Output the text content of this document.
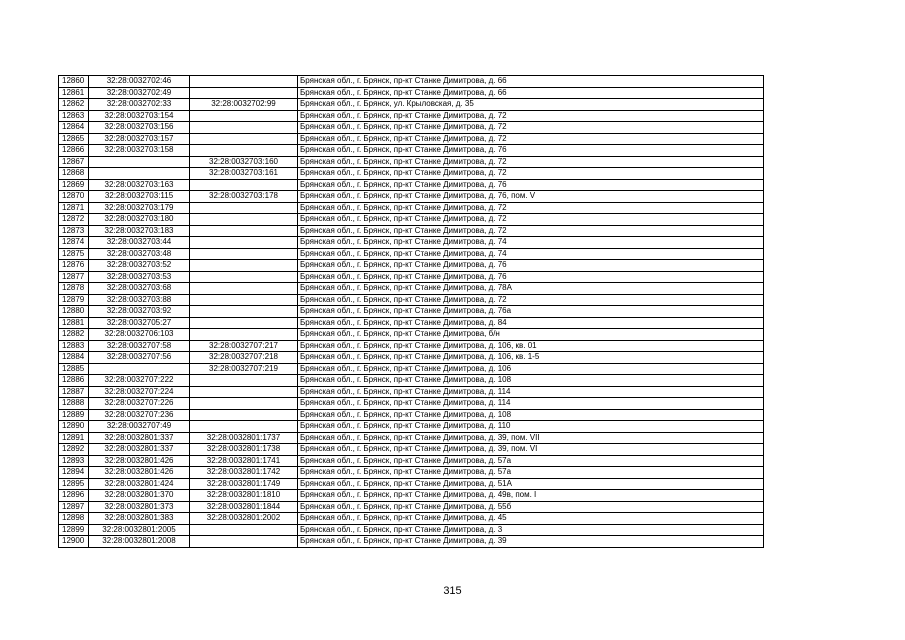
12860	32:28:0032702:46		Брянская обл., г. Брянск, пр-кт Станке Димитрова, д. 66
12861	32:28:0032702:49		Брянская обл., г. Брянск, пр-кт Станке Димитрова, д. 66
12862	32:28:0032702:33	32:28:0032702:99	Брянская обл., г. Брянск, ул. Крыловская, д. 35
12863	32:28:0032703:154		Брянская обл., г. Брянск, пр-кт Станке Димитрова, д. 72
12864	32:28:0032703:156		Брянская обл., г. Брянск, пр-кт Станке Димитрова, д. 72
12865	32:28:0032703:157		Брянская обл., г. Брянск, пр-кт Станке Димитрова, д. 72
12866	32:28:0032703:158		Брянская обл., г. Брянск, пр-кт Станке Димитрова, д. 76
12867		32:28:0032703:160	Брянская обл., г. Брянск, пр-кт Станке Димитрова, д. 72
12868		32:28:0032703:161	Брянская обл., г. Брянск, пр-кт Станке Димитрова, д. 72
12869	32:28:0032703:163		Брянская обл., г. Брянск, пр-кт Станке Димитрова, д. 76
12870	32:28:0032703:115	32:28:0032703:178	Брянская обл., г. Брянск, пр-кт Станке Димитрова, д. 76, пом. V
12871	32:28:0032703:179		Брянская обл., г. Брянск, пр-кт Станке Димитрова, д. 72
12872	32:28:0032703:180		Брянская обл., г. Брянск, пр-кт Станке Димитрова, д. 72
12873	32:28:0032703:183		Брянская обл., г. Брянск, пр-кт Станке Димитрова, д. 72
12874	32:28:0032703:44		Брянская обл., г. Брянск, пр-кт Станке Димитрова, д. 74
12875	32:28:0032703:48		Брянская обл., г. Брянск, пр-кт Станке Димитрова, д. 74
12876	32:28:0032703:52		Брянская обл., г. Брянск, пр-кт Станке Димитрова, д. 76
12877	32:28:0032703:53		Брянская обл., г. Брянск, пр-кт Станке Димитрова, д. 76
12878	32:28:0032703:68		Брянская обл., г. Брянск, пр-кт Станке Димитрова, д. 78А
12879	32:28:0032703:88		Брянская обл., г. Брянск, пр-кт Станке Димитрова, д. 72
12880	32:28:0032703:92		Брянская обл., г. Брянск, пр-кт Станке Димитрова, д. 76а
12881	32:28:0032705:27		Брянская обл., г. Брянск, пр-кт Станке Димитрова, д. 84
12882	32:28:0032706:103		Брянская обл., г. Брянск, пр-кт Станке Димитрова, б/н
12883	32:28:0032707:58	32:28:0032707:217	Брянская обл., г. Брянск, пр-кт Станке Димитрова, д. 106, кв. 01
12884	32:28:0032707:56	32:28:0032707:218	Брянская обл., г. Брянск, пр-кт Станке Димитрова, д. 106, кв. 1-5
12885		32:28:0032707:219	Брянская обл., г. Брянск, пр-кт Станке Димитрова, д. 106
12886	32:28:0032707:222		Брянская обл., г. Брянск, пр-кт Станке Димитрова, д. 108
12887	32:28:0032707:224		Брянская обл., г. Брянск, пр-кт Станке Димитрова, д. 114
12888	32:28:0032707:226		Брянская обл., г. Брянск, пр-кт Станке Димитрова, д. 114
12889	32:28:0032707:236		Брянская обл., г. Брянск, пр-кт Станке Димитрова, д. 108
12890	32:28:0032707:49		Брянская обл., г. Брянск, пр-кт Станке Димитрова, д. 110
12891	32:28:0032801:337	32:28:0032801:1737	Брянская обл., г. Брянск, пр-кт Станке Димитрова, д. 39, пом. VII
12892	32:28:0032801:337	32:28:0032801:1738	Брянская обл., г. Брянск, пр-кт Станке Димитрова, д. 39, пом. VI
12893	32:28:0032801:426	32:28:0032801:1741	Брянская обл., г. Брянск, пр-кт Станке Димитрова, д. 57а
12894	32:28:0032801:426	32:28:0032801:1742	Брянская обл., г. Брянск, пр-кт Станке Димитрова, д. 57а
12895	32:28:0032801:424	32:28:0032801:1749	Брянская обл., г. Брянск, пр-кт Станке Димитрова, д. 51А
12896	32:28:0032801:370	32:28:0032801:1810	Брянская обл., г. Брянск, пр-кт Станке Димитрова, д. 49в, пом. I
12897	32:28:0032801:373	32:28:0032801:1844	Брянская обл., г. Брянск, пр-кт Станке Димитрова, д. 55б
12898	32:28:0032801:383	32:28:0032801:2002	Брянская обл., г. Брянск, пр-кт Станке Димитрова, д. 45
12899	32:28:0032801:2005		Брянская обл., г. Брянск, пр-кт Станке Димитрова, д. 3
12900	32:28:0032801:2008		Брянская обл., г. Брянск, пр-кт Станке Димитрова, д. 39
315
